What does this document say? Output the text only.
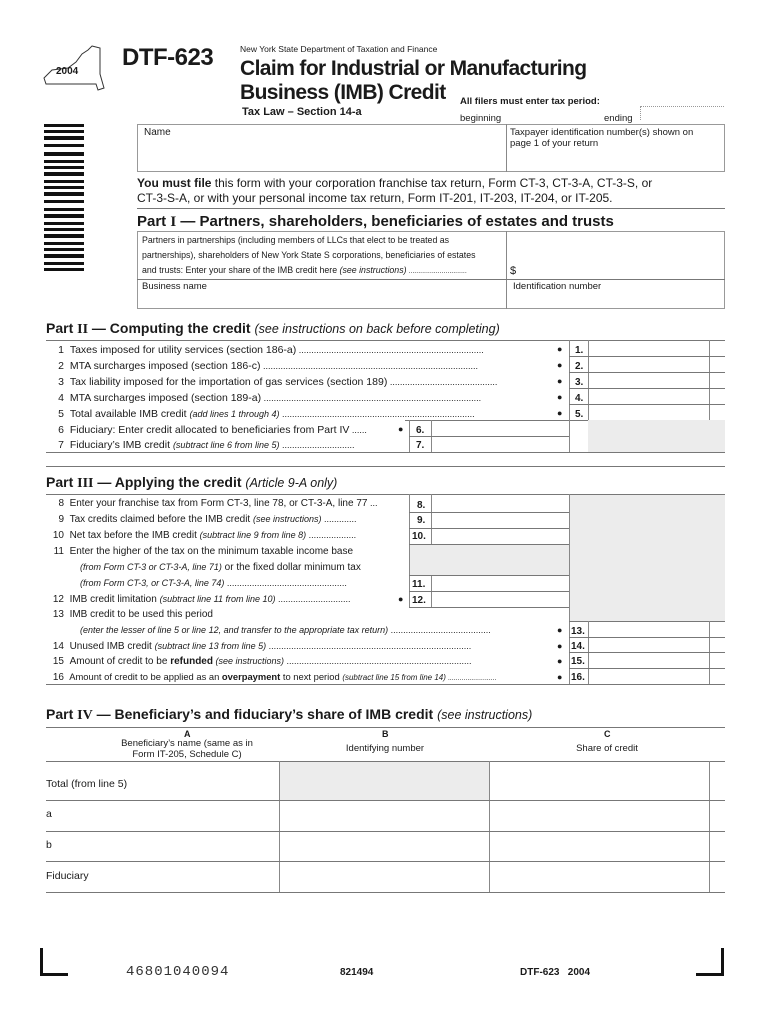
2004
DTF-623	New York State Department of Taxation and Finance
Claim for Industrial or Manufacturing
Business (IMB) Credit
Tax Law – Section 14-a
All filers must enter tax period:
beginning	ending
Name	Taxpayer identification number(s) shown on
page 1 of your return
You must file this form with your corporation franchise tax return, Form CT-3, CT-3-A, CT-3-S, or
CT-3-S-A, or with your personal income tax return, Form IT-201, IT-203, IT-204, or IT-205.
Part I — Partners, shareholders, beneficiaries of estates and trusts
Partners in partnerships (including members of LLCs that elect to be treated as
partnerships), shareholders of New York State S corporations, beneficiaries of estates
and trusts: Enter your share of the IMB credit here (see instructions) ..............................	$
Business name	Identification number
Part II — Computing the credit (see instructions on back before completing)
1 Taxes imposed for utility services (section 186-a) ..........................................................................	● 1.
2 MTA surcharges imposed (section 186-c) ......................................................................................	● 2.
3 Tax liability imposed for the importation of gas services (section 189) ...........................................	● 3.
4 MTA surcharges imposed (section 189-a) .......................................................................................	● 4.
5 Total available IMB credit (add lines 1 through 4) .............................................................................	● 5.
6 Fiduciary: Enter credit allocated to beneficiaries from Part IV ......	● 6.
7 Fiduciary’s IMB credit (subtract line 6 from line 5) .............................	7.
Part III — Applying the credit (Article 9-A only)
8 Enter your franchise tax from Form CT-3, line 78, or CT-3-A, line 77 ...	8.
9 Tax credits claimed before the IMB credit (see instructions) .............	9.
10 Net tax before the IMB credit (subtract line 9 from line 8) ...................	10.
11 Enter the higher of the tax on the minimum taxable income base
(from Form CT-3 or CT-3-A, line 71) or the fixed dollar minimum tax
(from Form CT-3, or CT-3-A, line 74) ................................................	11.
12 IMB credit limitation (subtract line 11 from line 10) .............................	● 12.
13 IMB credit to be used this period
(enter the lesser of line 5 or line 12, and transfer to the appropriate tax return) ........................................	● 13.
14 Unused IMB credit (subtract line 13 from line 5) .................................................................................	● 14.
15 Amount of credit to be refunded (see instructions) ..........................................................................	● 15.
16 Amount of credit to be applied as an overpayment to next period (subtract line 15 from line 14) .........................	● 16.
Part IV — Beneficiary’s and fiduciary’s share of IMB credit (see instructions)
A
Beneficiary’s name (same as in
Form IT-205, Schedule C)
B
Identifying number
C
Share of credit
Total (from line 5)
a
b
Fiduciary
46801040094	821494	DTF-623   2004
